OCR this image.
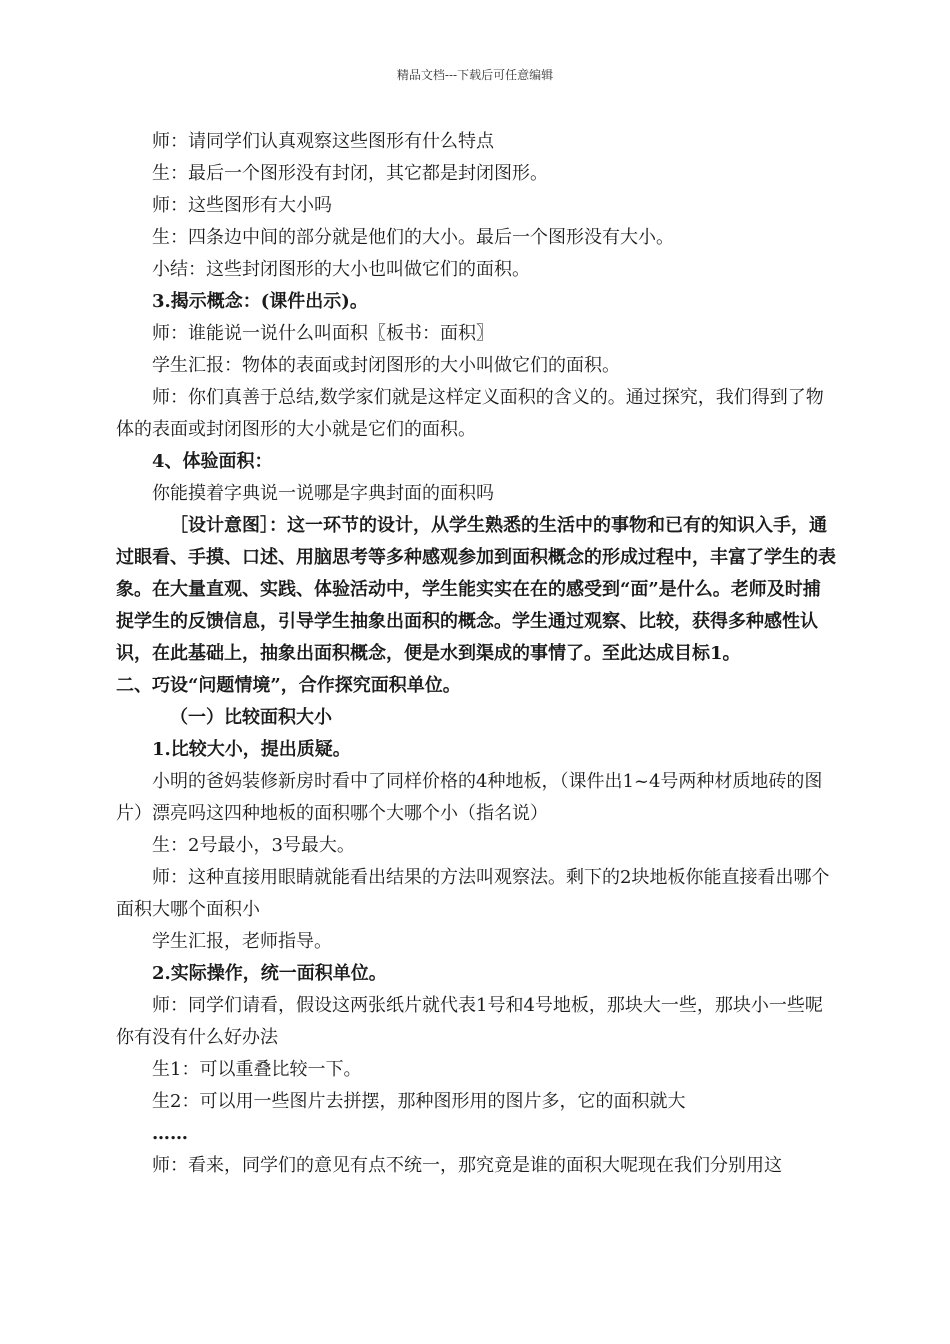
精品文档---下载后可任意编辑

师：请同学们认真观察这些图形有什么特点

生：最后一个图形没有封闭，其它都是封闭图形。

师：这些图形有大小吗

生：四条边中间的部分就是他们的大小。最后一个图形没有大小。

小结：这些封闭图形的大小也叫做它们的面积。

3.揭示概念：(课件出示)。

师：谁能说一说什么叫面积〖板书：面积〗

学生汇报：物体的表面或封闭图形的大小叫做它们的面积。

师：你们真善于总结,数学家们就是这样定义面积的含义的。通过探究，我们得到了物体的表面或封闭图形的大小就是它们的面积。

4、体验面积：

你能摸着字典说一说哪是字典封面的面积吗

［设计意图］：这一环节的设计，从学生熟悉的生活中的事物和已有的知识入手，通过眼看、手摸、口述、用脑思考等多种感观参加到面积概念的形成过程中，丰富了学生的表象。在大量直观、实践、体验活动中，学生能实实在在的感受到“面”是什么。老师及时捕捉学生的反馈信息，引导学生抽象出面积的概念。学生通过观察、比较，获得多种感性认识，在此基础上，抽象出面积概念，便是水到渠成的事情了。至此达成目标1。

二、巧设“问题情境”，合作探究面积单位。

（一）比较面积大小

1.比较大小，提出质疑。

小明的爸妈装修新房时看中了同样价格的4种地板，（课件出1~4号两种材质地砖的图片）漂亮吗这四种地板的面积哪个大哪个小（指名说）

生：2号最小，3号最大。

师：这种直接用眼睛就能看出结果的方法叫观察法。剩下的2块地板你能直接看出哪个面积大哪个面积小

学生汇报，老师指导。

2.实际操作，统一面积单位。

师：同学们请看，假设这两张纸片就代表1号和4号地板，那块大一些，那块小一些呢你有没有什么好办法

生1：可以重叠比较一下。

生2：可以用一些图片去拼摆，那种图形用的图片多，它的面积就大

……

师：看来，同学们的意见有点不统一，那究竟是谁的面积大呢现在我们分别用这
